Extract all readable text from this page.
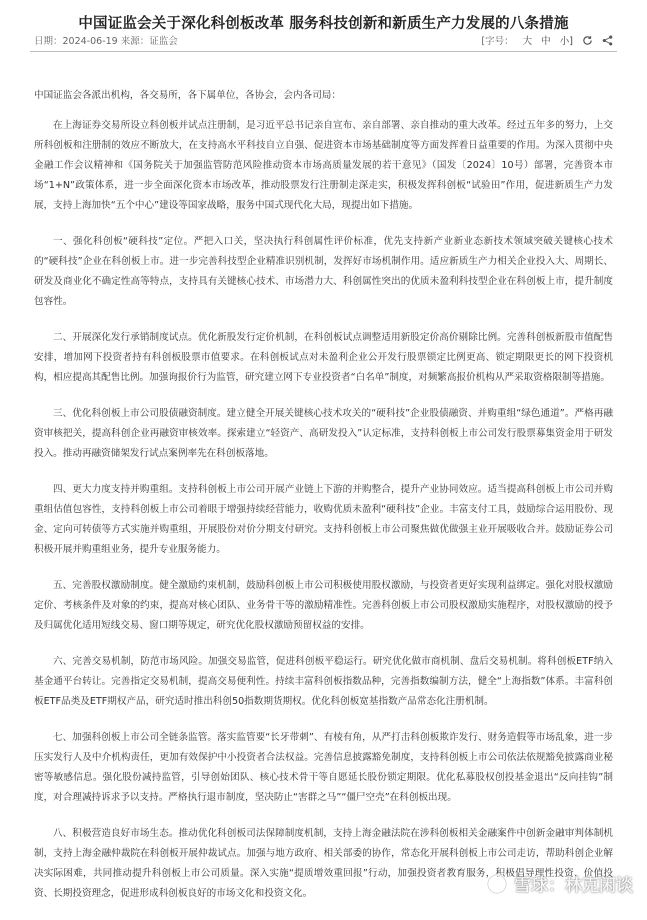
中国证监会关于深化科创板改革 服务科技创新和新质生产力发展的八条措施
日期：2024-06-19 来源：证监会	[字号： 大 中 小]

中国证监会各派出机构，各交易所，各下属单位，各协会，会内各司局：

在上海证券交易所设立科创板并试点注册制，是习近平总书记亲自宣布、亲自部署、亲自推动的重大改革。经过五年多的努力，上交所科创板和注册制的效应不断放大，在支持高水平科技自立自强、促进资本市场基础制度等方面发挥着日益重要的作用。为深入贯彻中央金融工作会议精神和《国务院关于加强监管防范风险推动资本市场高质量发展的若干意见》（国发〔2024〕10号）部署，完善资本市场“1+N”政策体系，进一步全面深化资本市场改革，推动股票发行注册制走深走实，积极发挥科创板“试验田”作用，促进新质生产力发展，支持上海加快“五个中心”建设等国家战略，服务中国式现代化大局，现提出如下措施。

一、强化科创板“硬科技”定位。严把入口关，坚决执行科创属性评价标准，优先支持新产业新业态新技术领域突破关键核心技术的“硬科技”企业在科创板上市。进一步完善科技型企业精准识别机制，发挥好市场机制作用。适应新质生产力相关企业投入大、周期长、研发及商业化不确定性高等特点，支持具有关键核心技术、市场潜力大、科创属性突出的优质未盈利科技型企业在科创板上市，提升制度包容性。

二、开展深化发行承销制度试点。优化新股发行定价机制，在科创板试点调整适用新股定价高价剔除比例。完善科创板新股市值配售安排，增加网下投资者持有科创板股票市值要求。在科创板试点对未盈利企业公开发行股票锁定比例更高、锁定期限更长的网下投资机构，相应提高其配售比例。加强询报价行为监管，研究建立网下专业投资者“白名单”制度，对频繁高报价机构从严采取资格限制等措施。

三、优化科创板上市公司股债融资制度。建立健全开展关键核心技术攻关的“硬科技”企业股债融资、并购重组“绿色通道”。严格再融资审核把关，提高科创企业再融资审核效率。探索建立“轻资产、高研发投入”认定标准，支持科创板上市公司发行股票募集资金用于研发投入。推动再融资储架发行试点案例率先在科创板落地。

四、更大力度支持并购重组。支持科创板上市公司开展产业链上下游的并购整合，提升产业协同效应。适当提高科创板上市公司并购重组估值包容性，支持科创板上市公司着眼于增强持续经营能力，收购优质未盈利“硬科技”企业。丰富支付工具，鼓励综合运用股份、现金、定向可转债等方式实施并购重组，开展股份对价分期支付研究。支持科创板上市公司聚焦做优做强主业开展吸收合并。鼓励证券公司积极开展并购重组业务，提升专业服务能力。

五、完善股权激励制度。健全激励约束机制，鼓励科创板上市公司积极使用股权激励，与投资者更好实现利益绑定。强化对股权激励定价、考核条件及对象的约束，提高对核心团队、业务骨干等的激励精准性。完善科创板上市公司股权激励实施程序，对股权激励的授予及归属优化适用短线交易、窗口期等规定，研究优化股权激励预留权益的安排。

六、完善交易机制，防范市场风险。加强交易监管，促进科创板平稳运行。研究优化做市商机制、盘后交易机制。将科创板ETF纳入基金通平台转让。完善指定交易机制，提高交易便利性。持续丰富科创板指数品种，完善指数编制方法，健全“上海指数”体系。丰富科创板ETF品类及ETF期权产品，研究适时推出科创50指数期货期权。优化科创板宽基指数产品常态化注册机制。

七、加强科创板上市公司全链条监管。落实监管要“长牙带刺”、有棱有角，从严打击科创板欺诈发行、财务造假等市场乱象，进一步压实发行人及中介机构责任，更加有效保护中小投资者合法权益。完善信息披露豁免制度，支持科创板上市公司依法依规豁免披露商业秘密等敏感信息。强化股份减持监管，引导创始团队、核心技术骨干等自愿延长股份锁定期限。优化私募股权创投基金退出“反向挂钩”制度，对合理减持诉求予以支持。严格执行退市制度，坚决防止“害群之马”“僵尸空壳”在科创板出现。

八、积极营造良好市场生态。推动优化科创板司法保障制度机制，支持上海金融法院在涉科创板相关金融案件中创新金融审判体制机制，支持上海金融仲裁院在科创板开展仲裁试点。加强与地方政府、相关部委的协作，常态化开展科创板上市公司走访，帮助科创企业解决实际困难，共同推动提升科创板上市公司质量。深入实施“提质增效重回报”行动，加强投资者教育服务，积极倡导理性投资、价值投资、长期投资理念，促进形成科创板良好的市场文化和投资文化。	雪球：林克闲谈
